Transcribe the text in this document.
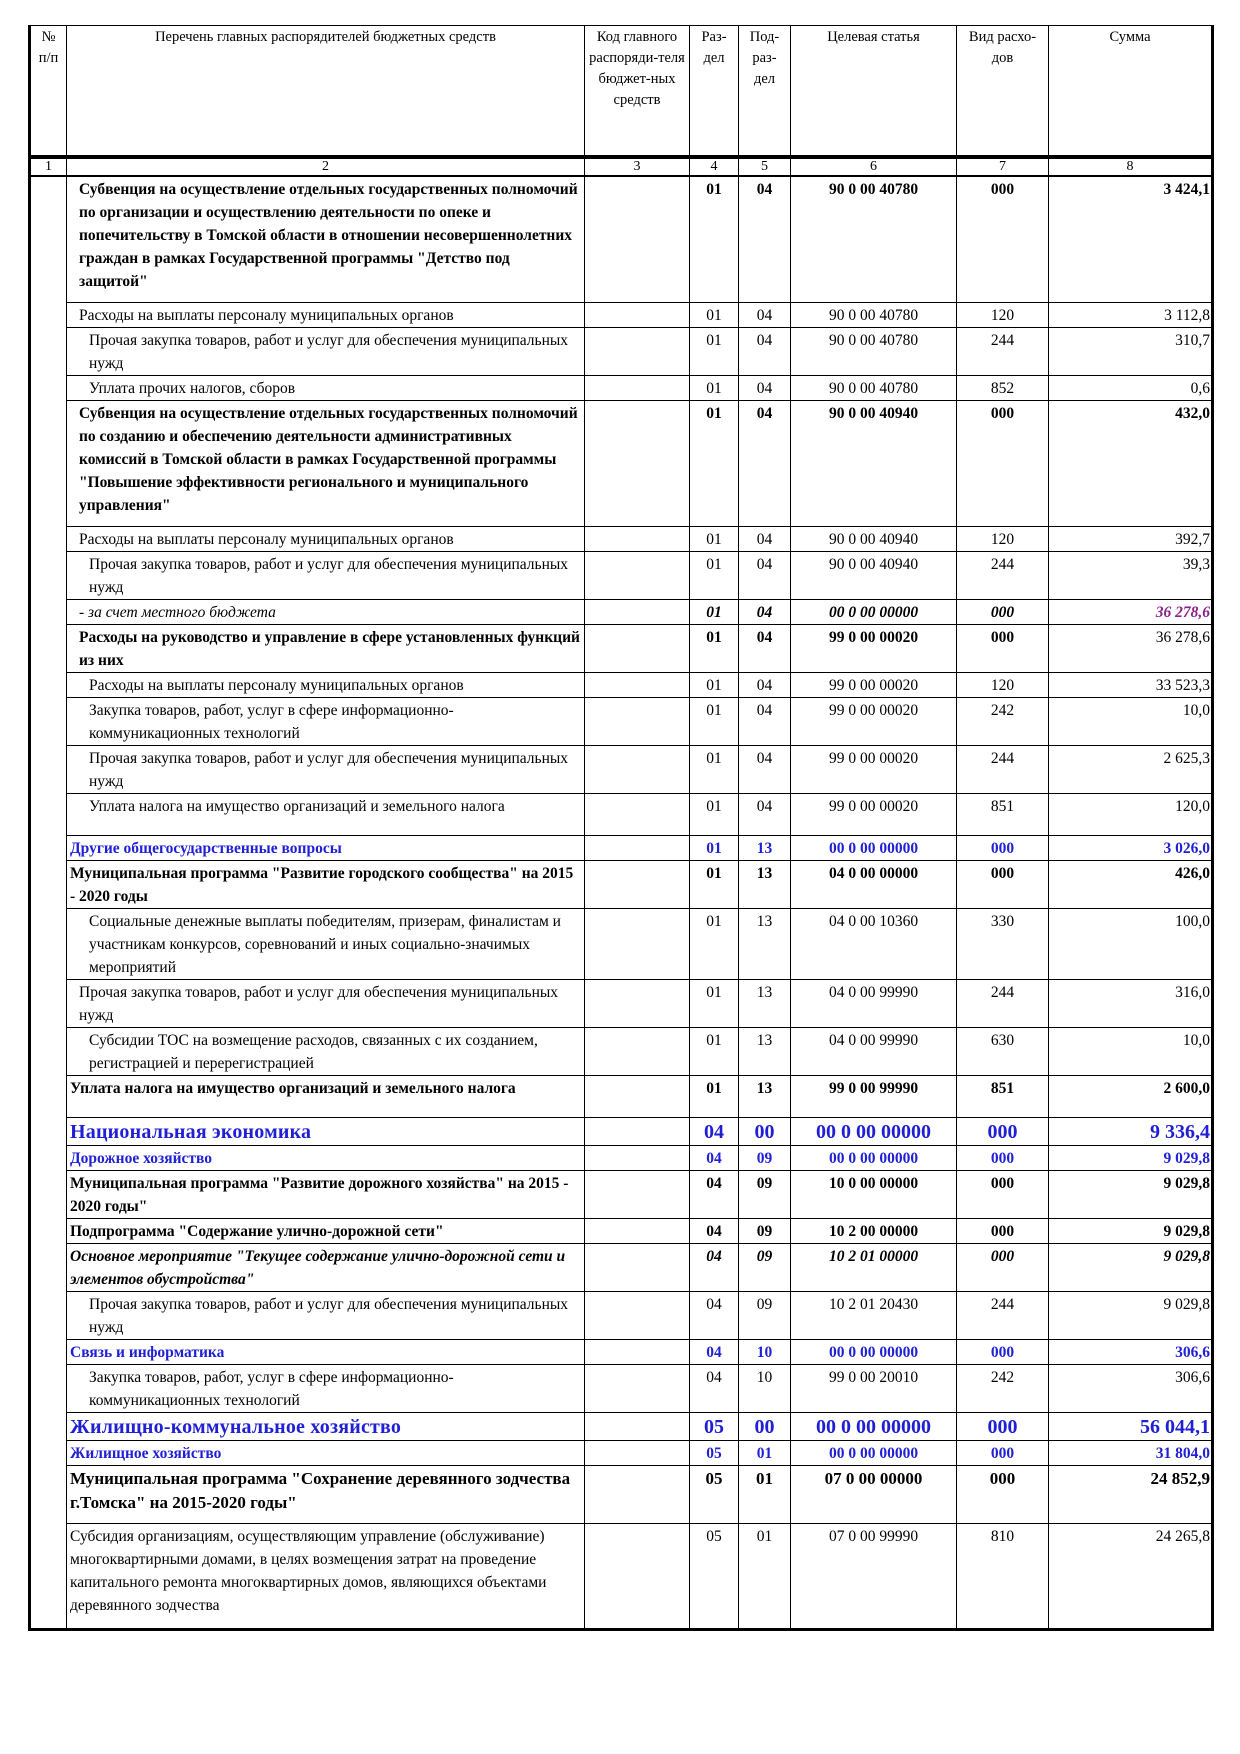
№ п/п	Перечень главных распорядителей бюджетных средств	Код главного распоряди-теля бюджет-ных средств	Раз-дел	Под-раз-дел	Целевая статья	Вид расхо-дов	Сумма
1	2	3	4	5	6	7	8
	Субвенция на осуществление отдельных государственных полномочий по организации и осуществлению деятельности по опеке и попечительству в Томской области в отношении несовершеннолетних граждан в рамках Государственной программы "Детство под защитой"		01	04	90 0 00 40780	000	3 424,1
	Расходы на выплаты персоналу муниципальных органов		01	04	90 0 00 40780	120	3 112,8
	Прочая закупка товаров, работ и услуг для обеспечения муниципальных нужд		01	04	90 0 00 40780	244	310,7
	Уплата прочих налогов, сборов		01	04	90 0 00 40780	852	0,6
	Субвенция на осуществление отдельных государственных полномочий по созданию и обеспечению деятельности административных комиссий в Томской области в рамках Государственной программы "Повышение эффективности регионального и муниципального управления"		01	04	90 0 00 40940	000	432,0
	Расходы на выплаты персоналу муниципальных органов		01	04	90 0 00 40940	120	392,7
	Прочая закупка товаров, работ и услуг для обеспечения муниципальных нужд		01	04	90 0 00 40940	244	39,3
	- за счет местного бюджета		01	04	00 0 00 00000	000	36 278,6
	Расходы на руководство и управление в сфере установленных функций из них		01	04	99 0 00 00020	000	36 278,6
	Расходы на выплаты персоналу муниципальных органов		01	04	99 0 00 00020	120	33 523,3
	Закупка товаров, работ, услуг в сфере информационно-коммуникационных технологий		01	04	99 0 00 00020	242	10,0
	Прочая закупка товаров, работ и услуг для обеспечения муниципальных нужд		01	04	99 0 00 00020	244	2 625,3
	Уплата налога на имущество организаций и земельного налога		01	04	99 0 00 00020	851	120,0
	Другие общегосударственные вопросы		01	13	00 0 00 00000	000	3 026,0
	Муниципальная программа "Развитие городского сообщества" на 2015 - 2020 годы		01	13	04 0 00 00000	000	426,0
	Социальные денежные выплаты победителям, призерам, финалистам и участникам конкурсов, соревнований и иных социально-значимых мероприятий		01	13	04 0 00 10360	330	100,0
	Прочая закупка товаров, работ и услуг для обеспечения муниципальных нужд		01	13	04 0 00 99990	244	316,0
	Субсидии ТОС на возмещение расходов, связанных с их созданием, регистрацией и перерегистрацией		01	13	04 0 00 99990	630	10,0
	Уплата налога на имущество организаций и земельного налога		01	13	99 0 00 99990	851	2 600,0
	Национальная экономика		04	00	00 0 00 00000	000	9 336,4
	Дорожное хозяйство		04	09	00 0 00 00000	000	9 029,8
	Муниципальная программа "Развитие дорожного хозяйства" на 2015 - 2020 годы"		04	09	10 0 00 00000	000	9 029,8
	Подпрограмма "Содержание улично-дорожной сети"		04	09	10 2 00 00000	000	9 029,8
	Основное мероприятие "Текущее содержание улично-дорожной сети и элементов обустройства"		04	09	10 2 01 00000	000	9 029,8
	Прочая закупка товаров, работ и услуг для обеспечения муниципальных нужд		04	09	10 2 01 20430	244	9 029,8
	Связь и информатика		04	10	00 0 00 00000	000	306,6
	Закупка товаров, работ, услуг в сфере информационно-коммуникационных технологий		04	10	99 0 00 20010	242	306,6
	Жилищно-коммунальное хозяйство		05	00	00 0 00 00000	000	56 044,1
	Жилищное хозяйство		05	01	00 0 00 00000	000	31 804,0
	Муниципальная программа "Сохранение деревянного зодчества г.Томска" на 2015-2020 годы"		05	01	07 0 00 00000	000	24 852,9
	Субсидия организациям, осуществляющим управление (обслуживание) многоквартирными домами, в целях возмещения затрат на проведение капитального ремонта многоквартирных домов, являющихся объектами деревянного зодчества		05	01	07 0 00 99990	810	24 265,8
